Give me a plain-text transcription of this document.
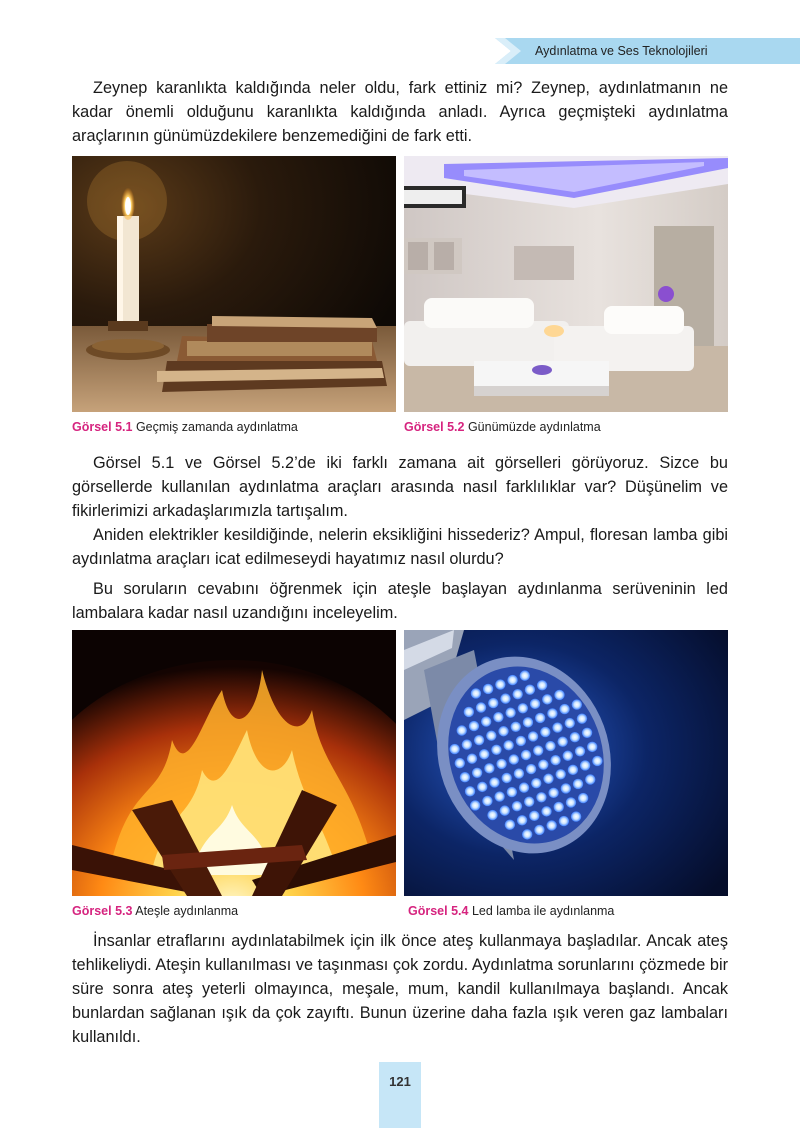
Aydınlatma ve Ses Teknolojileri

Zeynep karanlıkta kaldığında neler oldu, fark ettiniz mi? Zeynep, aydınlatmanın ne kadar önemli olduğunu karanlıkta kaldığında anladı. Ayrıca geçmişteki aydınlatma araçlarının günümüzdekilere benzemediğini de fark etti.

Görsel 5.1 Geçmiş zamanda aydınlatma	Görsel 5.2 Günümüzde aydınlatma

Görsel 5.1 ve Görsel 5.2’de iki farklı zamana ait görselleri görüyoruz. Sizce bu görsellerde kullanılan aydınlatma araçları arasında nasıl farklılıklar var? Düşünelim ve fikirlerimizi arkadaşlarımızla tartışalım.

Aniden elektrikler kesildiğinde, nelerin eksikliğini hissederiz? Ampul, floresan lamba gibi aydınlatma araçları icat edilmeseydi hayatımız nasıl olurdu?

Bu soruların cevabını öğrenmek için ateşle başlayan aydınlanma serüveninin led lambalara kadar nasıl uzandığını inceleyelim.

Görsel 5.3 Ateşle aydınlanma	Görsel 5.4 Led lamba ile aydınlanma

İnsanlar etraflarını aydınlatabilmek için ilk önce ateş kullanmaya başladılar. Ancak ateş tehlikeliydi. Ateşin kullanılması ve taşınması çok zordu. Aydınlatma sorunlarını çözmede bir süre sonra ateş yeterli olmayınca, meşale, mum, kandil kullanılmaya başlandı. Ancak bunlardan sağlanan ışık da çok zayıftı. Bunun üzerine daha fazla ışık veren gaz lambaları kullanıldı.

121
